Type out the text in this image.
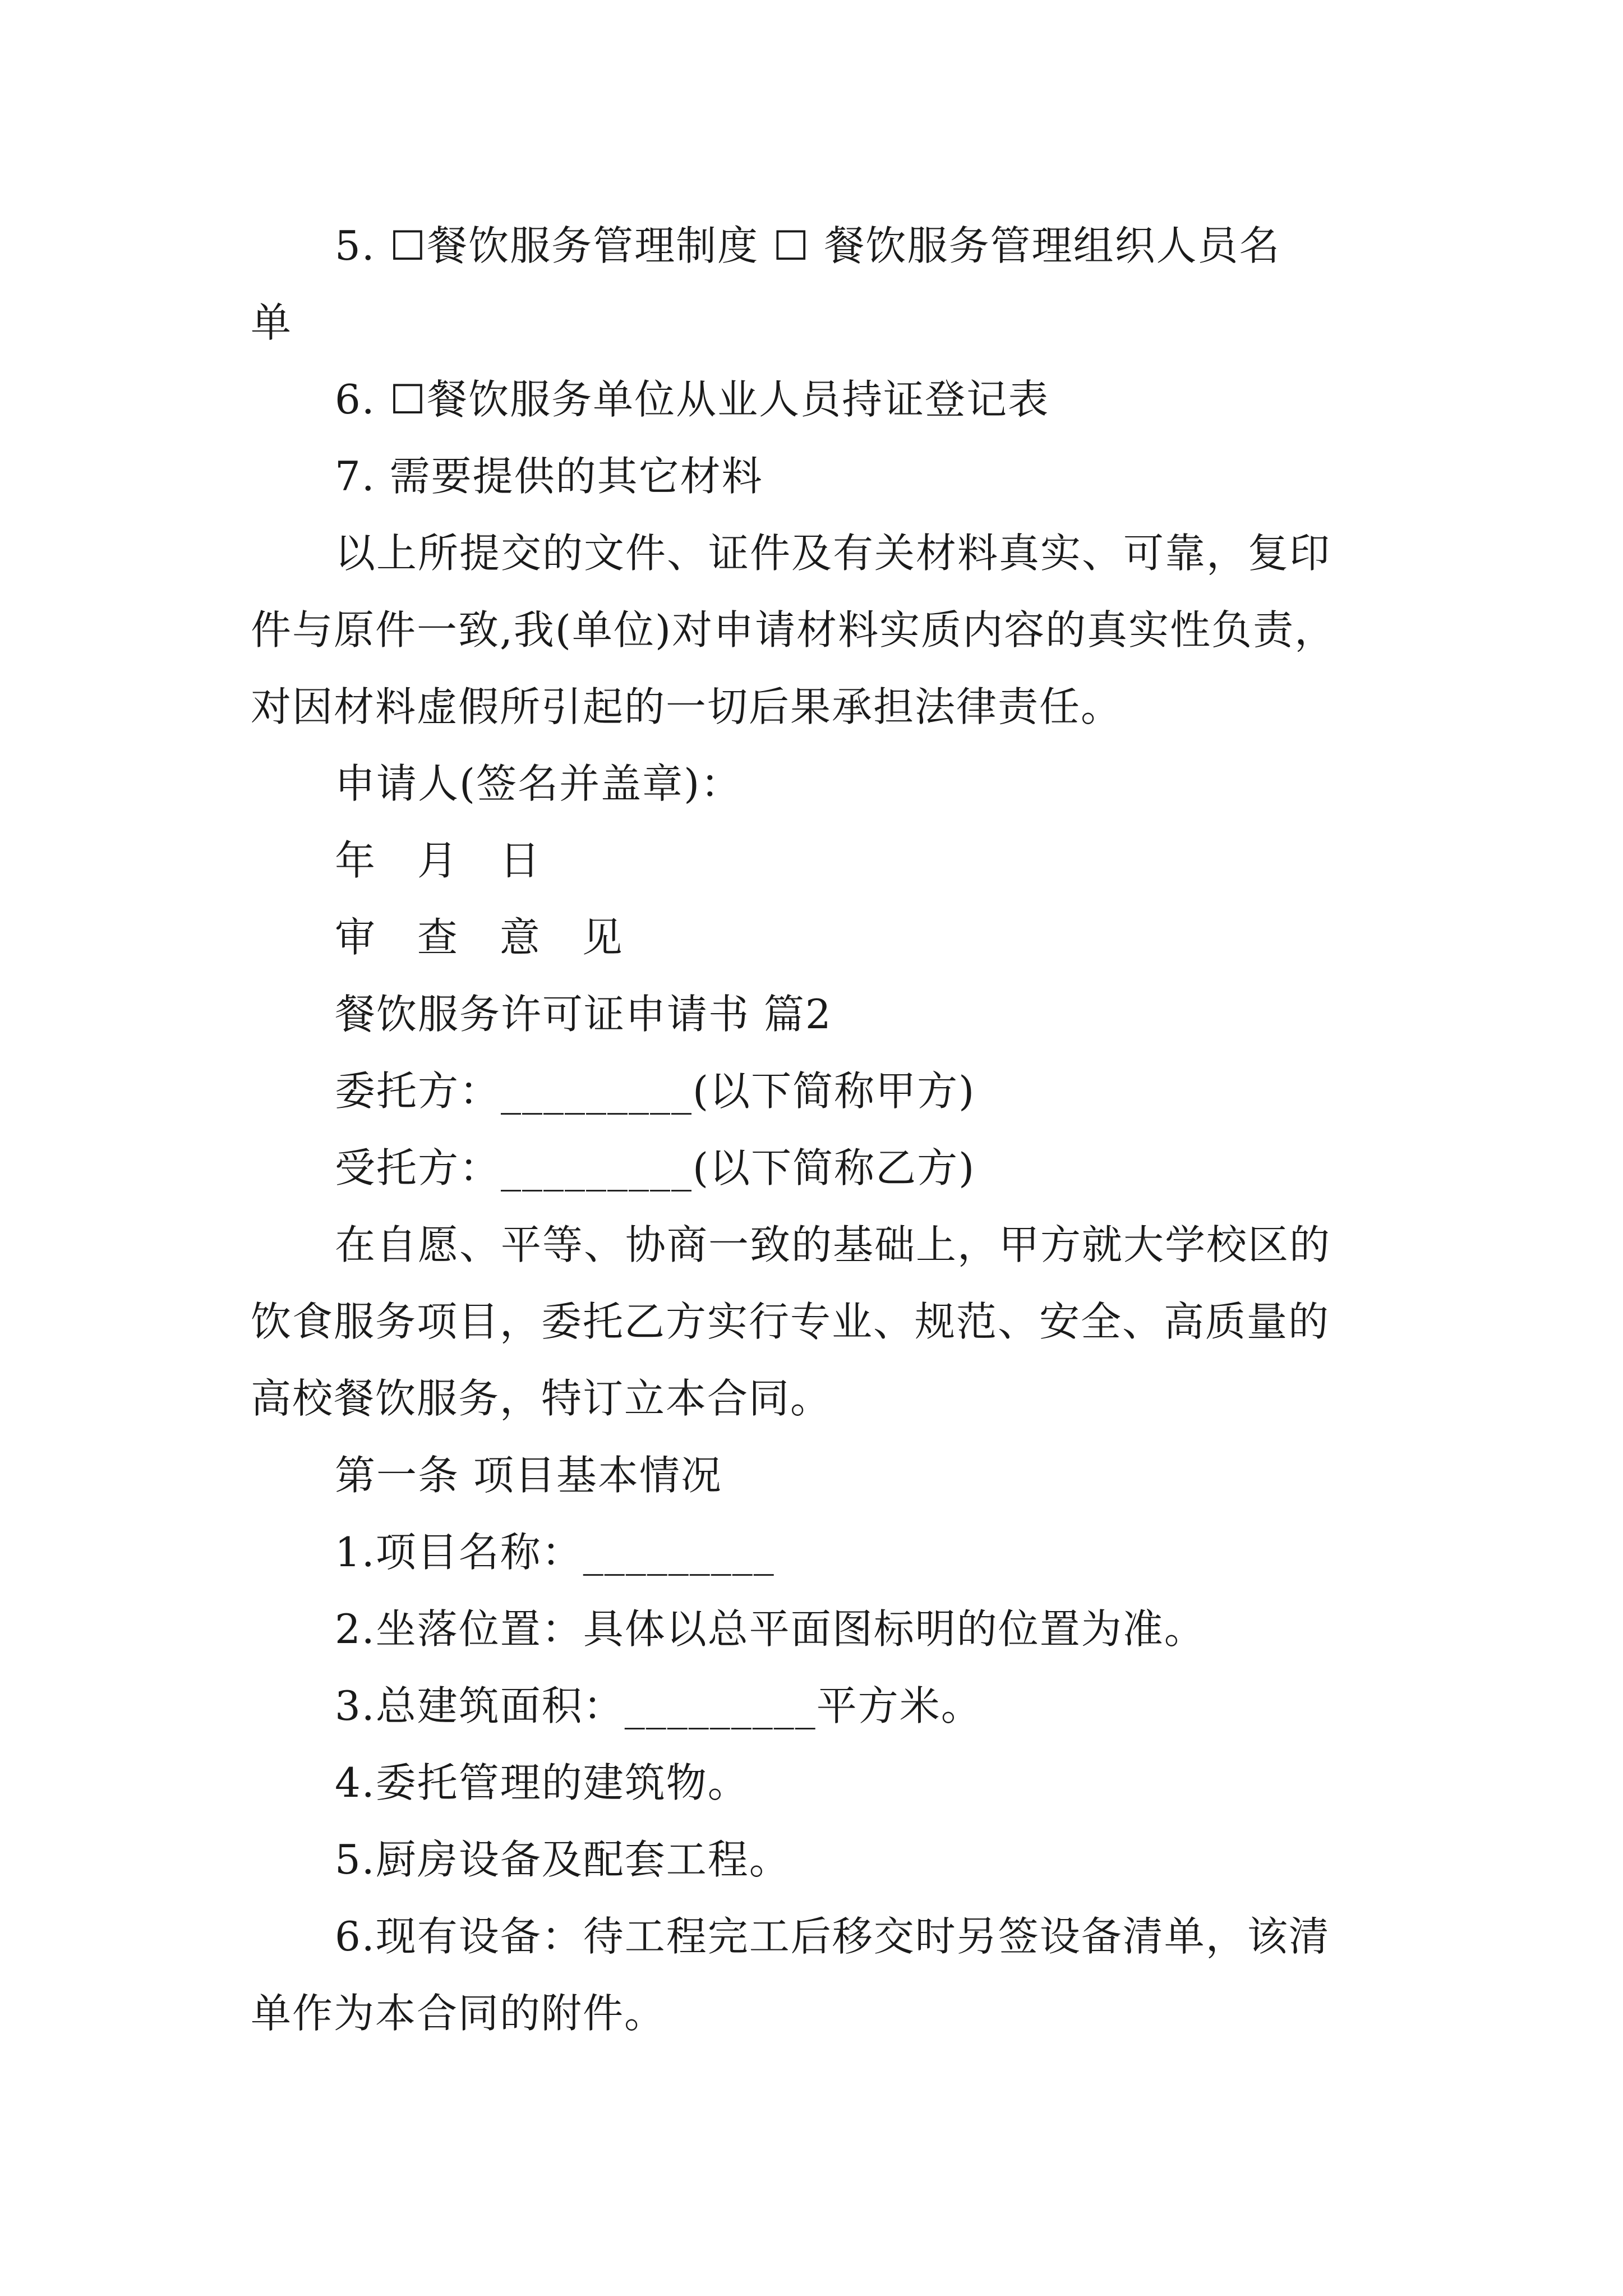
5. ☐餐饮服务管理制度 ☐ 餐饮服务管理组织人员名
单
6. ☐餐饮服务单位从业人员持证登记表
7. 需要提供的其它材料
以上所提交的文件、证件及有关材料真实、可靠，复印
件与原件一致,我(单位)对申请材料实质内容的真实性负责，
对因材料虚假所引起的一切后果承担法律责任。
申请人(签名并盖章)：
年 月 日
审 查 意 见
餐饮服务许可证申请书 篇2
委托方：_________(以下简称甲方)
受托方：_________(以下简称乙方)
在自愿、平等、协商一致的基础上，甲方就大学校区的
饮食服务项目，委托乙方实行专业、规范、安全、高质量的
高校餐饮服务，特订立本合同。
第一条 项目基本情况
1.项目名称：_________
2.坐落位置：具体以总平面图标明的位置为准。
3.总建筑面积：_________平方米。
4.委托管理的建筑物。
5.厨房设备及配套工程。
6.现有设备：待工程完工后移交时另签设备清单，该清
单作为本合同的附件。
